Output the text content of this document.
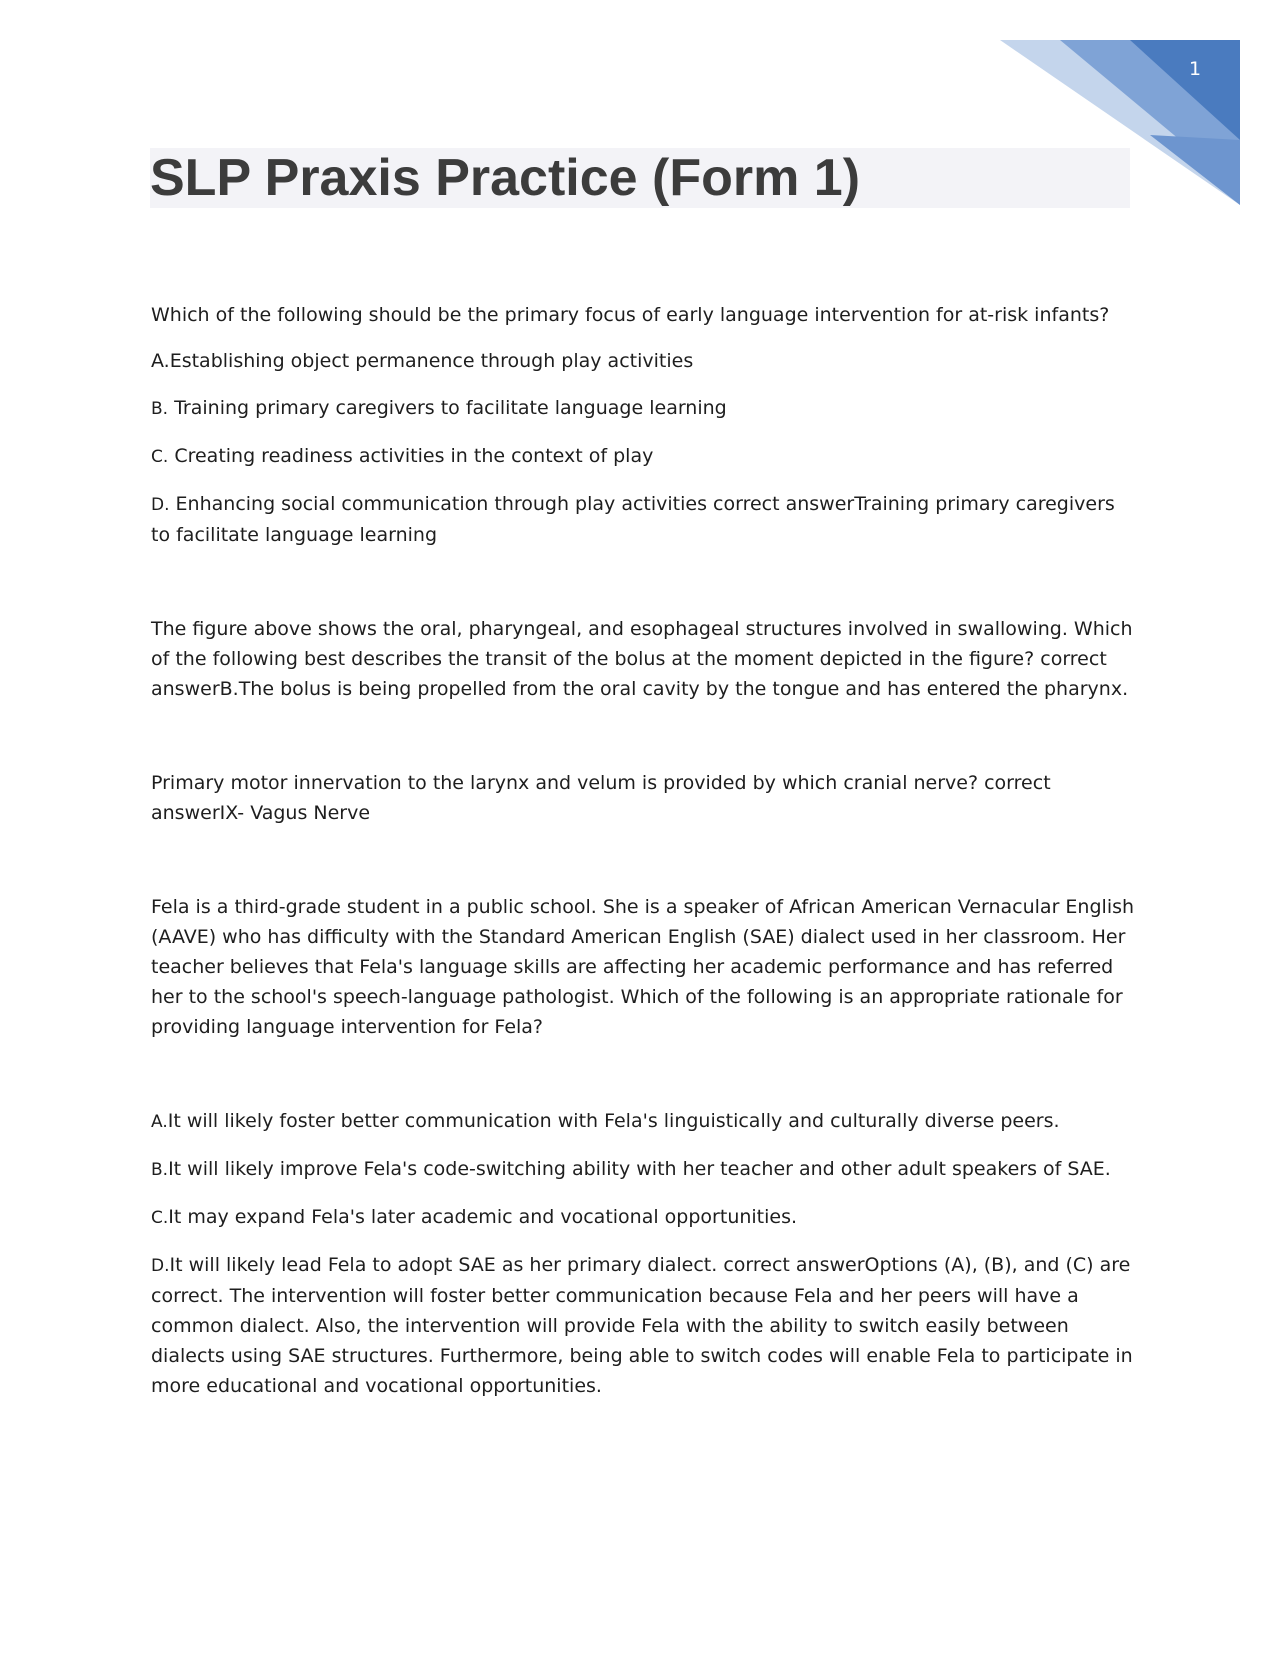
1
SLP Praxis Practice (Form 1)

Which of the following should be the primary focus of early language intervention for at-risk infants?

A.Establishing object permanence through play activities

B. Training primary caregivers to facilitate language learning

C. Creating readiness activities in the context of play

D. Enhancing social communication through play activities correct answerTraining primary caregivers to facilitate language learning

The figure above shows the oral, pharyngeal, and esophageal structures involved in swallowing. Which of the following best describes the transit of the bolus at the moment depicted in the figure? correct answerB.The bolus is being propelled from the oral cavity by the tongue and has entered the pharynx.

Primary motor innervation to the larynx and velum is provided by which cranial nerve? correct answerIX- Vagus Nerve

Fela is a third-grade student in a public school. She is a speaker of African American Vernacular English (AAVE) who has difficulty with the Standard American English (SAE) dialect used in her classroom. Her teacher believes that Fela's language skills are affecting her academic performance and has referred her to the school's speech-language pathologist. Which of the following is an appropriate rationale for providing language intervention for Fela?

A.It will likely foster better communication with Fela's linguistically and culturally diverse peers.

B.It will likely improve Fela's code-switching ability with her teacher and other adult speakers of SAE.

C.It may expand Fela's later academic and vocational opportunities.

D.It will likely lead Fela to adopt SAE as her primary dialect. correct answerOptions (A), (B), and (C) are correct. The intervention will foster better communication because Fela and her peers will have a common dialect. Also, the intervention will provide Fela with the ability to switch easily between dialects using SAE structures. Furthermore, being able to switch codes will enable Fela to participate in more educational and vocational opportunities.
